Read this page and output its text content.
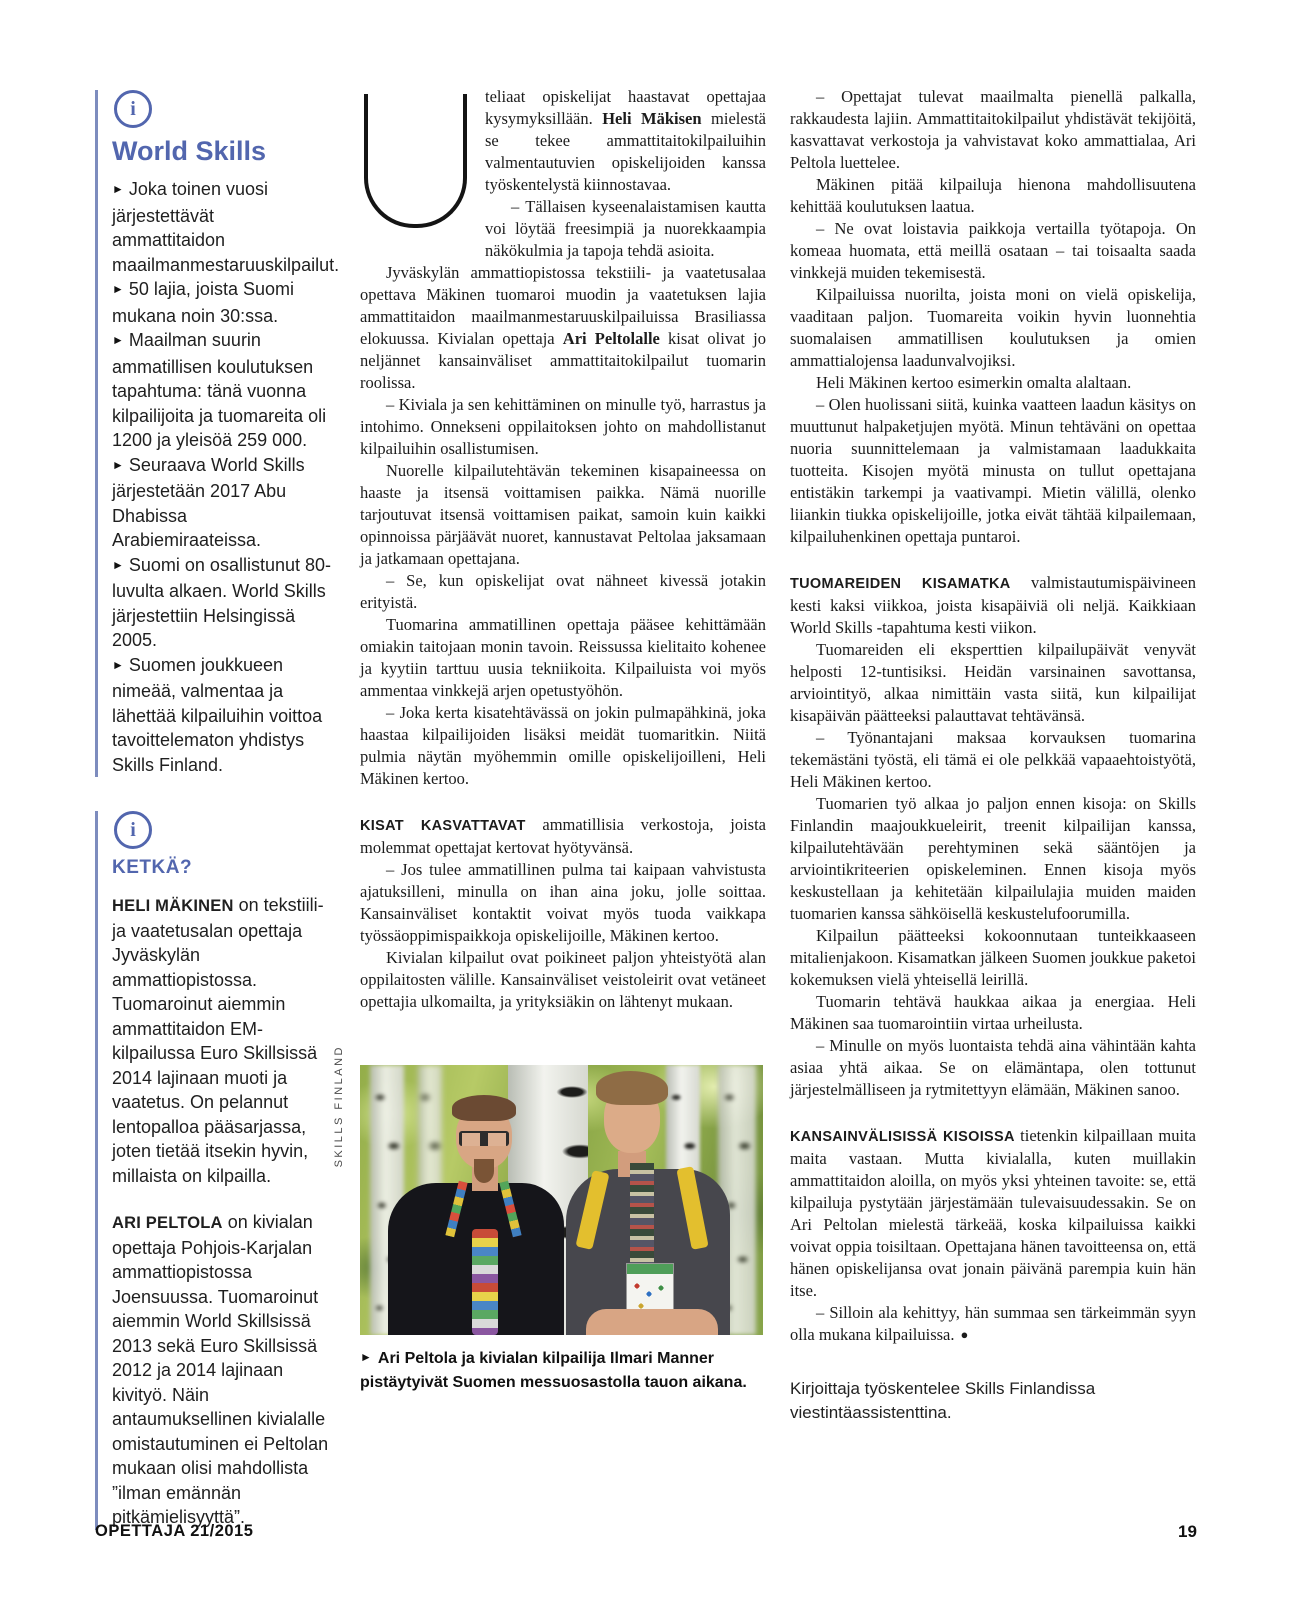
i
World Skills
► Joka toinen vuosi järjestettävät ammattitaidon maailmanmestaruuskilpailut.
► 50 lajia, joista Suomi mukana noin 30:ssa.
► Maailman suurin ammatillisen koulutuksen tapahtuma: tänä vuonna kilpailijoita ja tuomareita oli 1200 ja yleisöä 259 000.
► Seuraava World Skills järjestetään 2017 Abu Dhabissa Arabiemiraateissa.
► Suomi on osallistunut 80-luvulta alkaen. World Skills järjestettiin Helsingissä 2005.
► Suomen joukkueen nimeää, valmentaa ja lähettää kilpailuihin voittoa tavoittelematon yhdistys Skills Finland.
i
KETKÄ?

HELI MÄKINEN on tekstiili- ja vaatetusalan opettaja Jyväskylän ammattiopistossa. Tuomaroinut aiemmin ammattitaidon EM-kilpailussa Euro Skillsissä 2014 lajinaan muoti ja vaatetus. On pelannut lentopalloa pääsarjassa, joten tietää itsekin hyvin, millaista on kilpailla.

ARI PELTOLA on kivialan opettaja Pohjois-Karjalan ammattiopistossa Joensuussa. Tuomaroinut aiemmin World Skillsissä 2013 sekä Euro Skillsissä 2012 ja 2014 lajinaan kivityö. Näin antaumuksellinen kivialalle omistautuminen ei Peltolan mukaan olisi mahdollista ”ilman emännän pitkämielisyyttä”.

teliaat opiskelijat haastavat opettajaa kysymyksillään. Heli Mäkisen mielestä se tekee ammattitaitokilpailuihin valmentautuvien opiskelijoiden kanssa työskentelystä kiinnostavaa.

– Tällaisen kyseenalaistamisen kautta voi löytää freesimpiä ja nuorekkaampia näkökulmia ja tapoja tehdä asioita.

Jyväskylän ammattiopistossa tekstiili- ja vaatetusalaa opettava Mäkinen tuomaroi muodin ja vaatetuksen lajia ammattitaidon maailmanmestaruuskilpailuissa Brasiliassa elokuussa. Kivialan opettaja Ari Peltolalle kisat olivat jo neljännet kansainväliset ammattitaitokilpailut tuomarin roolissa.

– Kiviala ja sen kehittäminen on minulle työ, harrastus ja intohimo. Onnekseni oppilaitoksen johto on mahdollistanut kilpailuihin osallistumisen.

Nuorelle kilpailutehtävän tekeminen kisapaineessa on haaste ja itsensä voittamisen paikka. Nämä nuorille tarjoutuvat itsensä voittamisen paikat, samoin kuin kaikki opinnoissa pärjäävät nuoret, kannustavat Peltolaa jaksamaan ja jatkamaan opettajana.

– Se, kun opiskelijat ovat nähneet kivessä jotakin erityistä.

Tuomarina ammatillinen opettaja pääsee kehittämään omiakin taitojaan monin tavoin. Reissussa kielitaito kohenee ja kyytiin tarttuu uusia tekniikoita. Kilpailuista voi myös ammentaa vinkkejä arjen opetustyöhön.

– Joka kerta kisatehtävässä on jokin pulmapähkinä, joka haastaa kilpailijoiden lisäksi meidät tuomaritkin. Niitä pulmia näytän myöhemmin omille opiskelijoilleni, Heli Mäkinen kertoo.

KISAT KASVATTAVAT ammatillisia verkostoja, joista molemmat opettajat kertovat hyötyvänsä.

– Jos tulee ammatillinen pulma tai kaipaan vahvistusta ajatuksilleni, minulla on ihan aina joku, jolle soittaa. Kansainväliset kontaktit voivat myös tuoda vaikkapa työssäoppimispaikkoja opiskelijoille, Mäkinen kertoo.

Kivialan kilpailut ovat poikineet paljon yhteistyötä alan oppilaitosten välille. Kansainväliset veistoleirit ovat vetäneet opettajia ulkomailta, ja yrityksiäkin on lähtenyt mukaan.

SKILLS FINLAND
► Ari Peltola ja kivialan kilpailija Ilmari Manner pistäytyivät Suomen messuosastolla tauon aikana.

– Opettajat tulevat maailmalta pienellä palkalla, rakkaudesta lajiin. Ammattitaitokilpailut yhdistävät tekijöitä, kasvattavat verkostoja ja vahvistavat koko ammattialaa, Ari Peltola luettelee.

Mäkinen pitää kilpailuja hienona mahdollisuutena kehittää koulutuksen laatua.

– Ne ovat loistavia paikkoja vertailla työtapoja. On komeaa huomata, että meillä osataan – tai toisaalta saada vinkkejä muiden tekemisestä.

Kilpailuissa nuorilta, joista moni on vielä opiskelija, vaaditaan paljon. Tuomareita voikin hyvin luonnehtia suomalaisen ammatillisen koulutuksen ja omien ammattialojensa laadunvalvojiksi.

Heli Mäkinen kertoo esimerkin omalta alaltaan.

– Olen huolissani siitä, kuinka vaatteen laadun käsitys on muuttunut halpaketjujen myötä. Minun tehtäväni on opettaa nuoria suunnittelemaan ja valmistamaan laadukkaita tuotteita. Kisojen myötä minusta on tullut opettajana entistäkin tarkempi ja vaativampi. Mietin välillä, olenko liiankin tiukka opiskelijoille, jotka eivät tähtää kilpailemaan, kilpailuhenkinen opettaja puntaroi.

TUOMAREIDEN KISAMATKA valmistautumispäivineen kesti kaksi viikkoa, joista kisapäiviä oli neljä. Kaikkiaan World Skills -tapahtuma kesti viikon.

Tuomareiden eli eksperttien kilpailupäivät venyvät helposti 12-tuntisiksi. Heidän varsinainen savottansa, arviointityö, alkaa nimittäin vasta siitä, kun kilpailijat kisapäivän päätteeksi palauttavat tehtävänsä.

– Työnantajani maksaa korvauksen tuomarina tekemästäni työstä, eli tämä ei ole pelkkää vapaaehtoistyötä, Heli Mäkinen kertoo.

Tuomarien työ alkaa jo paljon ennen kisoja: on Skills Finlandin maajoukkueleirit, treenit kilpailijan kanssa, kilpailutehtävään perehtyminen sekä sääntöjen ja arviointikriteerien opiskeleminen. Ennen kisoja myös keskustellaan ja kehitetään kilpailulajia muiden maiden tuomarien kanssa sähköisellä keskustelufoorumilla.

Kilpailun päätteeksi kokoonnutaan tunteikkaaseen mitalienjakoon. Kisamatkan jälkeen Suomen joukkue paketoi kokemuksen vielä yhteisellä leirillä.

Tuomarin tehtävä haukkaa aikaa ja energiaa. Heli Mäkinen saa tuomarointiin virtaa urheilusta.

– Minulle on myös luontaista tehdä aina vähintään kahta asiaa yhtä aikaa. Se on elämäntapa, olen tottunut järjestelmälliseen ja rytmitettyyn elämään, Mäkinen sanoo.

KANSAINVÄLISISSÄ KISOISSA tietenkin kilpaillaan muita maita vastaan. Mutta kivialalla, kuten muillakin ammattitaidon aloilla, on myös yksi yhteinen tavoite: se, että kilpailuja pystytään järjestämään tulevaisuudessakin. Se on Ari Peltolan mielestä tärkeää, koska kilpailuissa kaikki voivat oppia toisiltaan. Opettajana hänen tavoitteensa on, että hänen opiskelijansa ovat jonain päivänä parempia kuin hän itse.

– Silloin ala kehittyy, hän summaa sen tärkeimmän syyn olla mukana kilpailuissa. ●

Kirjoittaja työskentelee Skills Finlandissa viestintäassistenttina.
OPETTAJA 21/2015	19
